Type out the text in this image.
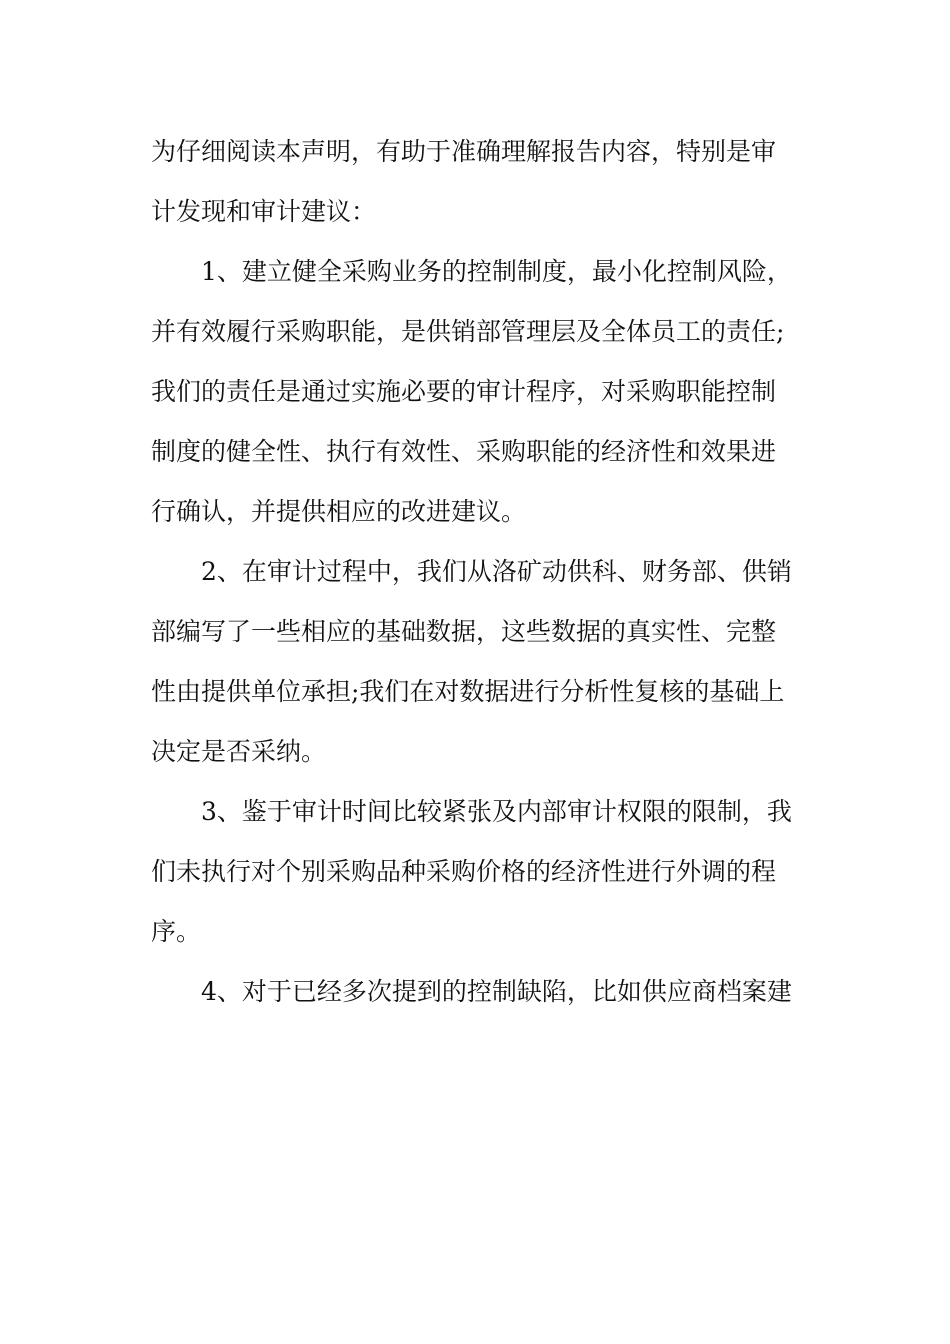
为仔细阅读本声明，有助于准确理解报告内容，特别是审
计发现和审计建议：
1、建立健全采购业务的控制制度，最小化控制风险，
并有效履行采购职能，是供销部管理层及全体员工的责任;
我们的责任是通过实施必要的审计程序，对采购职能控制
制度的健全性、执行有效性、采购职能的经济性和效果进
行确认，并提供相应的改进建议。
2、在审计过程中，我们从洛矿动供科、财务部、供销
部编写了一些相应的基础数据，这些数据的真实性、完整
性由提供单位承担;我们在对数据进行分析性复核的基础上
决定是否采纳。
3、鉴于审计时间比较紧张及内部审计权限的限制，我
们未执行对个别采购品种采购价格的经济性进行外调的程
序。
4、对于已经多次提到的控制缺陷，比如供应商档案建
